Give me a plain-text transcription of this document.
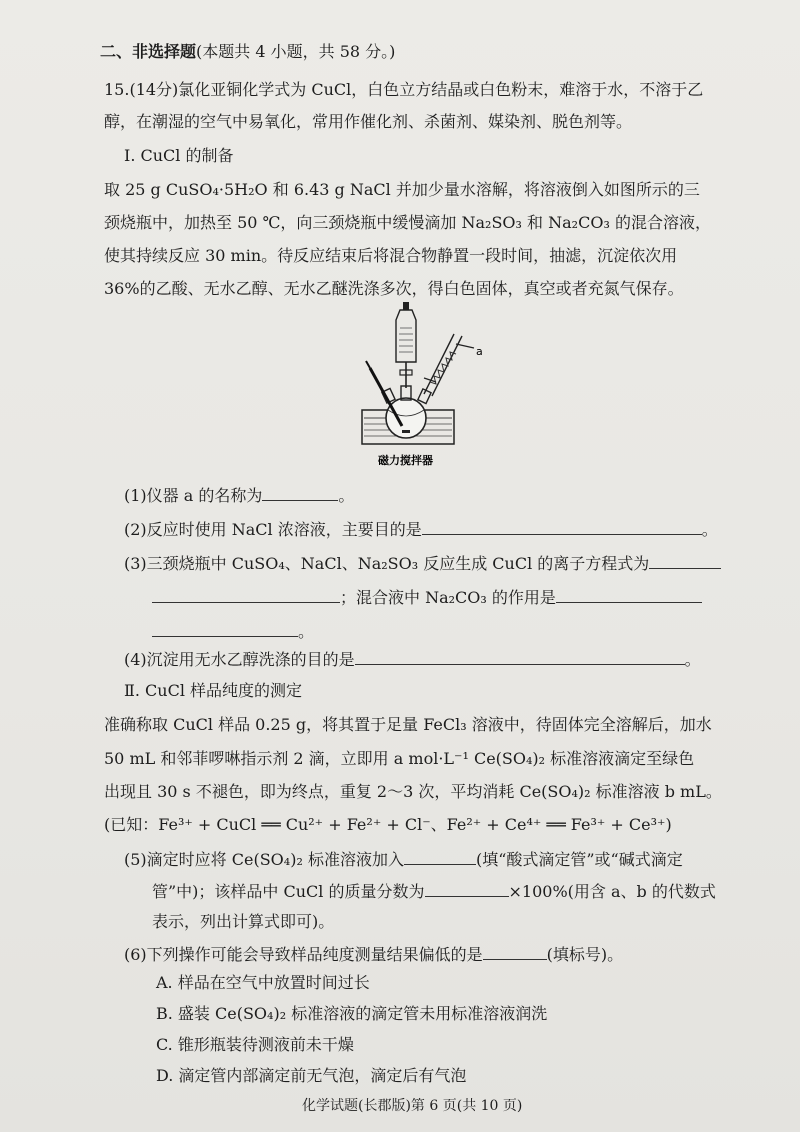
二、非选择题(本题共 4 小题，共 58 分。)
15.(14分)氯化亚铜化学式为 CuCl，白色立方结晶或白色粉末，难溶于水，不溶于乙
醇，在潮湿的空气中易氧化，常用作催化剂、杀菌剂、媒染剂、脱色剂等。
Ⅰ. CuCl 的制备
取 25 g CuSO₄·5H₂O 和 6.43 g NaCl 并加少量水溶解，将溶液倒入如图所示的三
颈烧瓶中，加热至 50 ℃，向三颈烧瓶中缓慢滴加 Na₂SO₃ 和 Na₂CO₃ 的混合溶液，
使其持续反应 30 min。待反应结束后将混合物静置一段时间，抽滤，沉淀依次用
36%的乙酸、无水乙醇、无水乙醚洗涤多次，得白色固体，真空或者充氮气保存。
a
磁力搅拌器
(1)仪器 a 的名称为	。
(2)反应时使用 NaCl 浓溶液，主要目的是	。
(3)三颈烧瓶中 CuSO₄、NaCl、Na₂SO₃ 反应生成 CuCl 的离子方程式为
；混合液中 Na₂CO₃ 的作用是
。
(4)沉淀用无水乙醇洗涤的目的是	。
Ⅱ. CuCl 样品纯度的测定
准确称取 CuCl 样品 0.25 g，将其置于足量 FeCl₃ 溶液中，待固体完全溶解后，加水
50 mL 和邻菲啰啉指示剂 2 滴，立即用 a mol·L⁻¹ Ce(SO₄)₂ 标准溶液滴定至绿色
出现且 30 s 不褪色，即为终点，重复 2～3 次，平均消耗 Ce(SO₄)₂ 标准溶液 b mL。
(已知：Fe³⁺ + CuCl ══ Cu²⁺ + Fe²⁺ + Cl⁻、Fe²⁺ + Ce⁴⁺ ══ Fe³⁺ + Ce³⁺)
(5)滴定时应将 Ce(SO₄)₂ 标准溶液加入	(填“酸式滴定管”或“碱式滴定
管”中)；该样品中 CuCl 的质量分数为	×100%(用含 a、b 的代数式
表示，列出计算式即可)。
(6)下列操作可能会导致样品纯度测量结果偏低的是	(填标号)。
A. 样品在空气中放置时间过长
B. 盛装 Ce(SO₄)₂ 标准溶液的滴定管未用标准溶液润洗
C. 锥形瓶装待测液前未干燥
D. 滴定管内部滴定前无气泡，滴定后有气泡
化学试题(长郡版)第 6 页(共 10 页)
